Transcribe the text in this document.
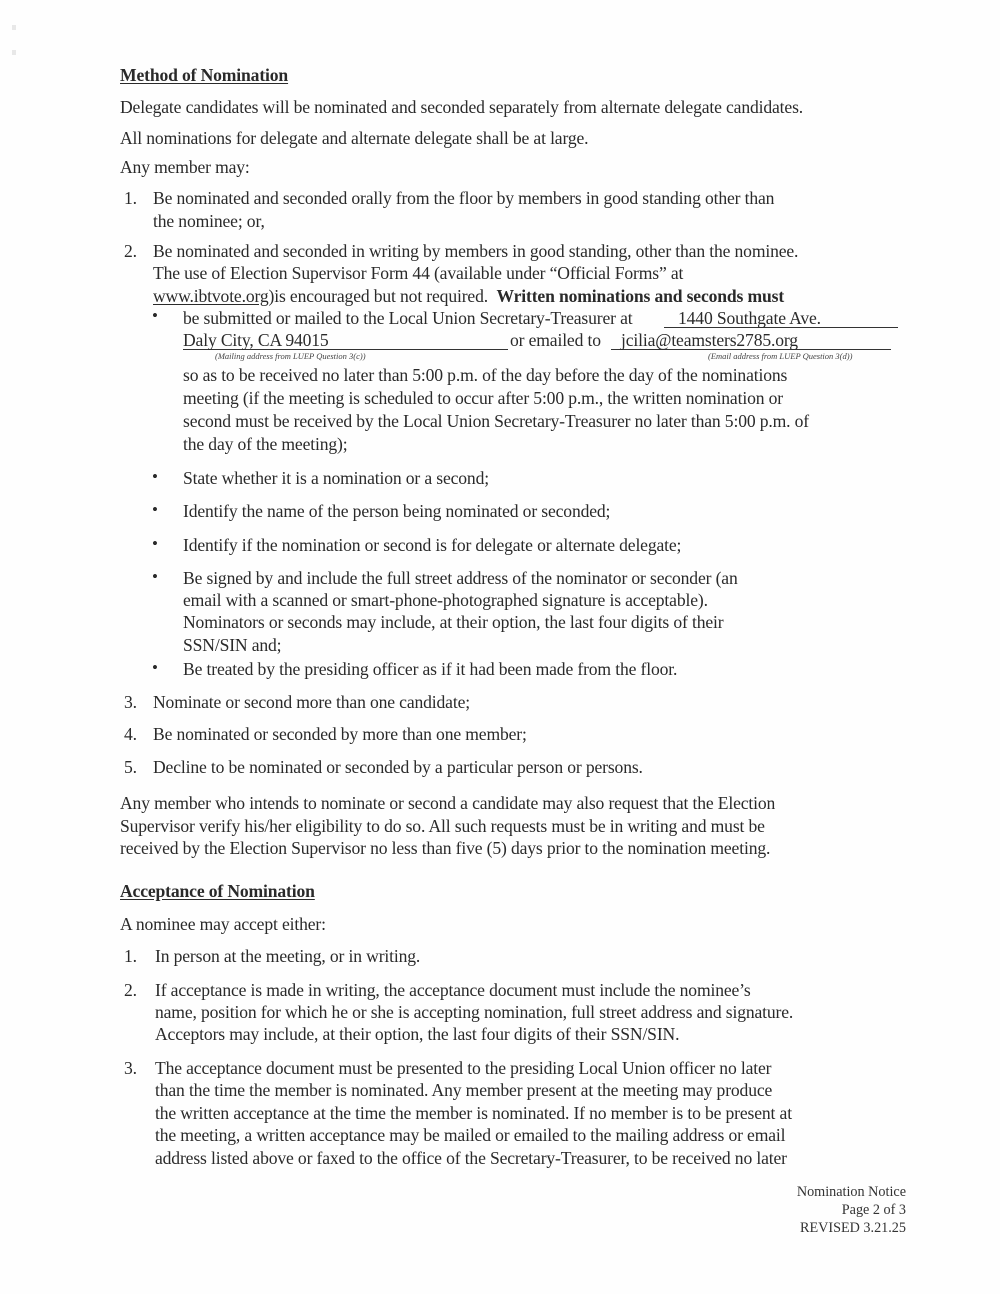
Method of Nomination
Delegate candidates will be nominated and seconded separately from alternate delegate candidates.
All nominations for delegate and alternate delegate shall be at large.
Any member may:
1. Be nominated and seconded orally from the floor by members in good standing other than
the nominee; or,
2. Be nominated and seconded in writing by members in good standing, other than the nominee.
The use of Election Supervisor Form 44 (available under “Official Forms” at
www.ibtvote.org)is encouraged but not required. Written nominations and seconds must
• be submitted or mailed to the Local Union Secretary-Treasurer at	1440 Southgate Ave.
Daly City, CA 94015	or emailed to jcilia@teamsters2785.org
(Mailing address from LUEP Question 3(c))	(Email address from LUEP Question 3(d))
so as to be received no later than 5:00 p.m. of the day before the day of the nominations
meeting (if the meeting is scheduled to occur after 5:00 p.m., the written nomination or
second must be received by the Local Union Secretary-Treasurer no later than 5:00 p.m. of
the day of the meeting);
• State whether it is a nomination or a second;
• Identify the name of the person being nominated or seconded;
• Identify if the nomination or second is for delegate or alternate delegate;
• Be signed by and include the full street address of the nominator or seconder (an
email with a scanned or smart-phone-photographed signature is acceptable).
Nominators or seconds may include, at their option, the last four digits of their
SSN/SIN and;
• Be treated by the presiding officer as if it had been made from the floor.
3. Nominate or second more than one candidate;
4. Be nominated or seconded by more than one member;
5. Decline to be nominated or seconded by a particular person or persons.
Any member who intends to nominate or second a candidate may also request that the Election
Supervisor verify his/her eligibility to do so. All such requests must be in writing and must be
received by the Election Supervisor no less than five (5) days prior to the nomination meeting.
Acceptance of Nomination
A nominee may accept either:
1.	In person at the meeting, or in writing.
2.	If acceptance is made in writing, the acceptance document must include the nominee’s
name, position for which he or she is accepting nomination, full street address and signature.
Acceptors may include, at their option, the last four digits of their SSN/SIN.
3.	The acceptance document must be presented to the presiding Local Union officer no later
than the time the member is nominated. Any member present at the meeting may produce
the written acceptance at the time the member is nominated. If no member is to be present at
the meeting, a written acceptance may be mailed or emailed to the mailing address or email
address listed above or faxed to the office of the Secretary-Treasurer, to be received no later
Nomination Notice
Page 2 of 3
REVISED 3.21.25
